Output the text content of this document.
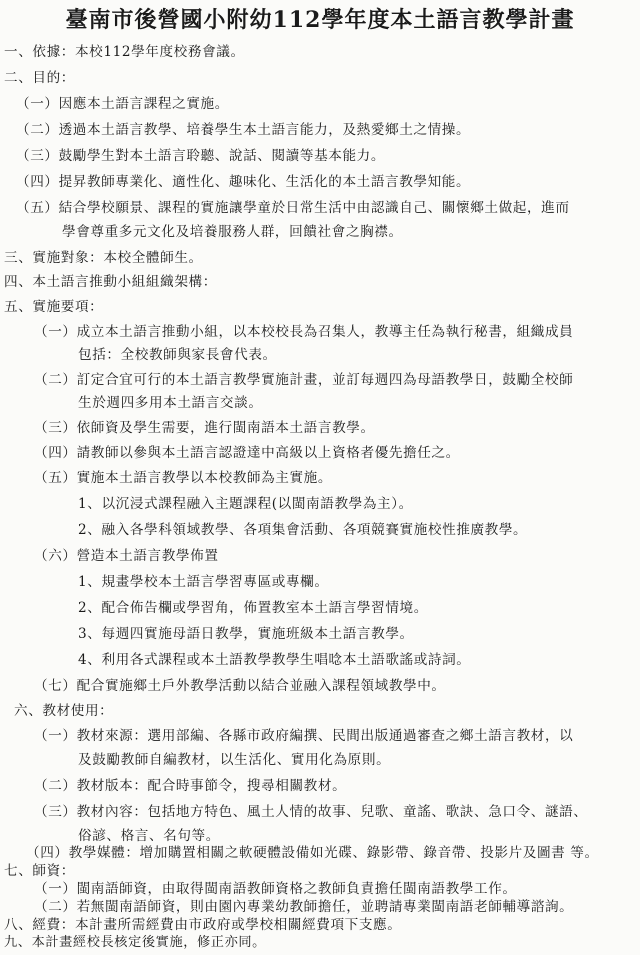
臺南市後營國小附幼112學年度本土語言教學計畫
一、依據：本校112學年度校務會議。
二、目的：
（一）因應本土語言課程之實施。
（二）透過本土語言教學、培養學生本土語言能力，及熱愛鄉土之情操。
（三）鼓勵學生對本土語言聆聽、說話、閱讀等基本能力。
（四）提昇教師專業化、適性化、趣味化、生活化的本土語言教學知能。
（五）結合學校願景、課程的實施讓學童於日常生活中由認識自己、關懷鄉土做起，進而
學會尊重多元文化及培養服務人群，回饋社會之胸襟。
三、實施對象：本校全體師生。
四、本土語言推動小組組織架構：
五、實施要項：
（一）成立本土語言推動小組，以本校校長為召集人，教導主任為執行秘書，組織成員
包括：全校教師與家長會代表。
（二）訂定合宜可行的本土語言教學實施計畫，並訂每週四為母語教學日，鼓勵全校師
生於週四多用本土語言交談。
（三）依師資及學生需要，進行閩南語本土語言教學。
（四）請教師以參與本土語言認證達中高級以上資格者優先擔任之。
（五）實施本土語言教學以本校教師為主實施。
1、以沉浸式課程融入主題課程(以閩南語教學為主）。
2、融入各學科領域教學、各項集會活動、各項競賽實施校性推廣教學。
（六）營造本土語言教學佈置
1、規畫學校本土語言學習專區或專欄。
2、配合佈告欄或學習角，佈置教室本土語言學習情境。
3、每週四實施母語日教學，實施班級本土語言教學。
4、利用各式課程或本土語教學教學生唱唸本土語歌謠或詩詞。
（七）配合實施鄉土戶外教學活動以結合並融入課程領域教學中。
六、教材使用：
（一）教材來源：選用部編、各縣市政府編撰、民間出版通過審查之鄉土語言教材，以
及鼓勵教師自編教材，以生活化、實用化為原則。
（二）教材版本：配合時事節令，搜尋相關教材。
（三）教材內容：包括地方特色、風土人情的故事、兒歌、童謠、歌訣、急口令、謎語、
俗諺、格言、名句等。
（四）教學媒體：增加購置相關之軟硬體設備如光碟、錄影帶、錄音帶、投影片及圖書 等。
七、師資：
（一）閩南語師資，由取得閩南語教師資格之教師負責擔任閩南語教學工作。
（二）若無閩南語師資，則由園內專業幼教師擔任，並聘請專業閩南語老師輔導諮詢。
八、經費：本計畫所需經費由市政府或學校相關經費項下支應。
九、本計畫經校長核定後實施，修正亦同。
